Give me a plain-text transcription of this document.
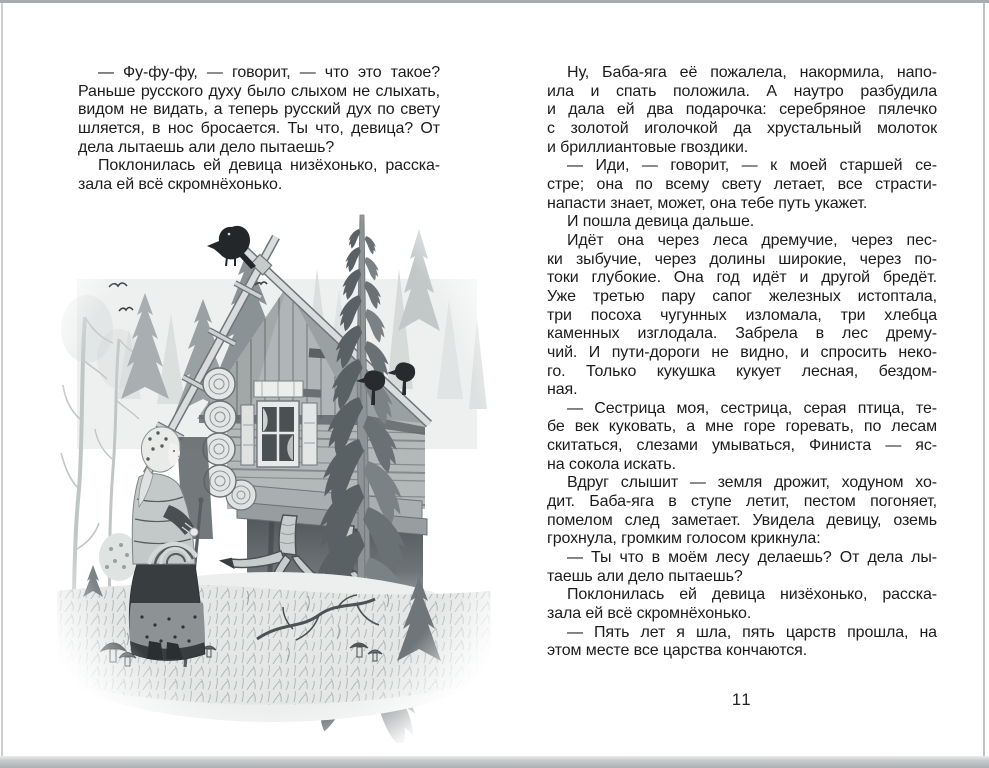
— Фу-фу-фу, — говорит, — что это такое?
Раньше русского духу было слыхом не слыхать,
видом не видать, а теперь русский дух по свету
шляется, в нос бросается. Ты что, девица? От
дела лытаешь али дело пытаешь?
Поклонилась ей девица низёхонько, расска-
зала ей всё скромнёхонько.
Ну, Баба-яга её пожалела, накормила, напо-
ила и спать положила. А наутро разбудила
и дала ей два подарочка: серебряное пялечко
с золотой иголочкой да хрустальный молоток
и бриллиантовые гвоздики.
— Иди, — говорит, — к моей старшей се-
стре; она по всему свету летает, все страсти-
напасти знает, может, она тебе путь укажет.
И пошла девица дальше.
Идёт она через леса дремучие, через пес-
ки зыбучие, через долины широкие, через по-
токи глубокие. Она год идёт и другой бредёт.
Уже третью пару сапог железных истоптала,
три посоха чугунных изломала, три хлебца
каменных изглодала. Забрела в лес дрему-
чий. И пути-дороги не видно, и спросить неко-
го. Только кукушка кукует лесная, бездом-
ная.
— Сестрица моя, сестрица, серая птица, те-
бе век куковать, а мне горе горевать, по лесам
скитаться, слезами умываться, Финиста — яс-
на сокола искать.
Вдруг слышит — земля дрожит, ходуном хо-
дит. Баба-яга в ступе летит, пестом погоняет,
помелом след заметает. Увидела девицу, оземь
грохнула, громким голосом крикнула:
— Ты что в моём лесу делаешь? От дела лы-
таешь али дело пытаешь?
Поклонилась ей девица низёхонько, расска-
зала ей всё скромнёхонько.
— Пять лет я шла, пять царств прошла, на
этом месте все царства кончаются.
11
